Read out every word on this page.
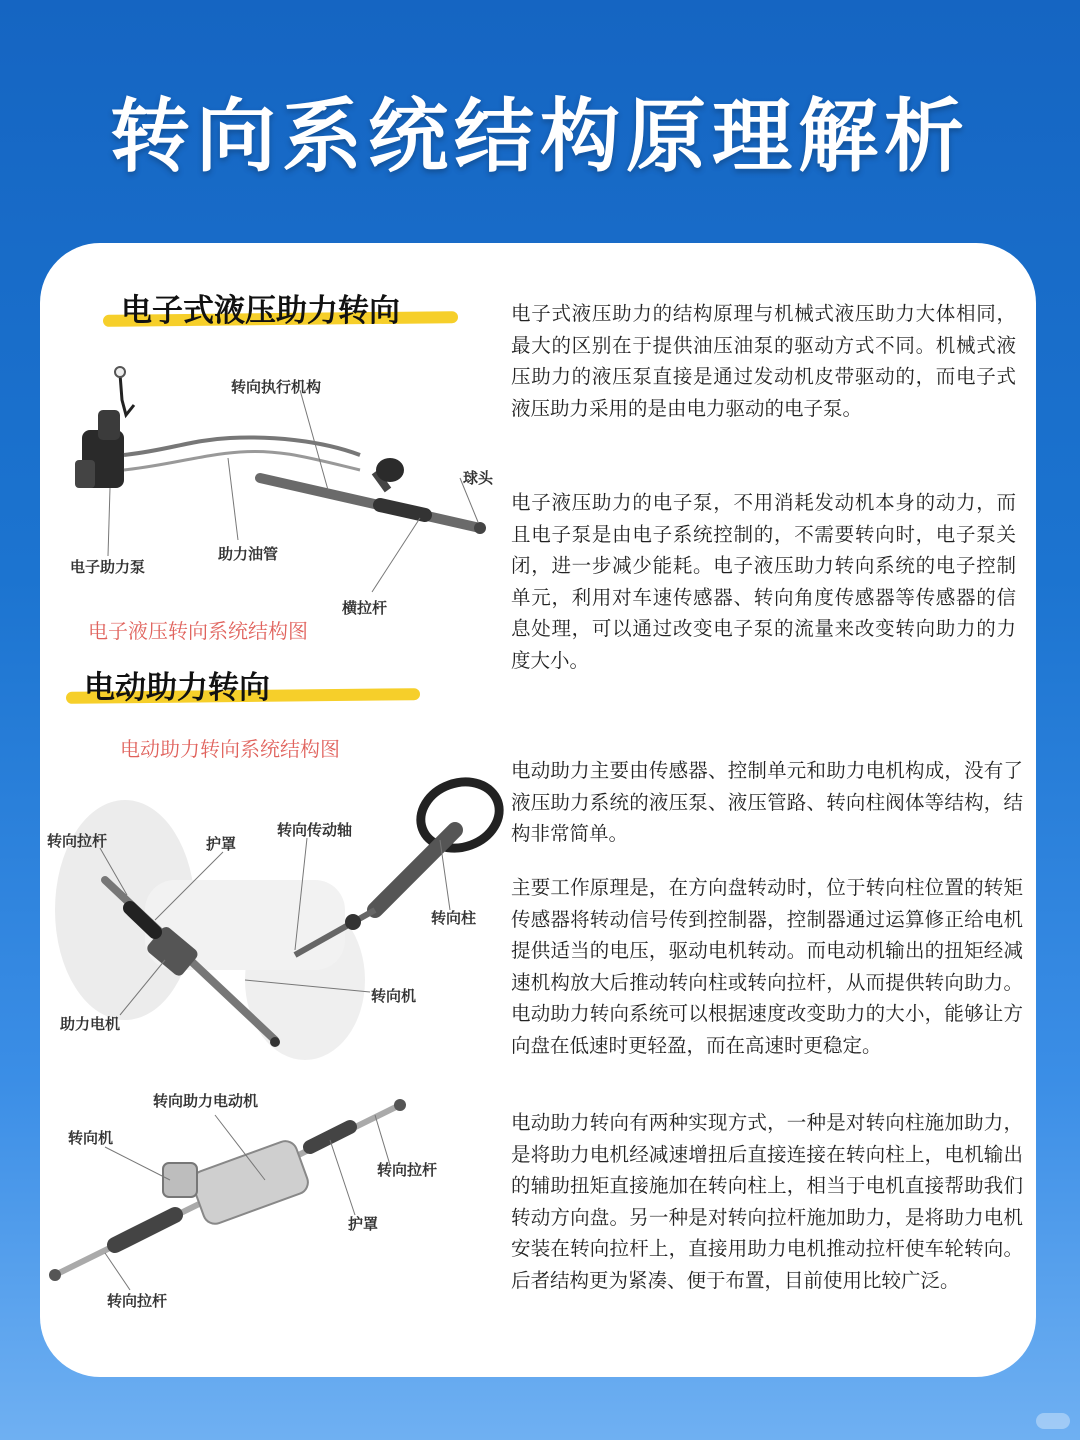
转向系统结构原理解析
电子式液压助力转向
转向执行机构
球头
电子助力泵
助力油管
横拉杆
电子液压转向系统结构图
电子式液压助力的结构原理与机械式液压助力大体相同，最大的区别在于提供油压油泵的驱动方式不同。机械式液压助力的液压泵直接是通过发动机皮带驱动的，而电子式液压助力采用的是由电力驱动的电子泵。
电子液压助力的电子泵，不用消耗发动机本身的动力，而且电子泵是由电子系统控制的，不需要转向时，电子泵关闭，进一步减少能耗。电子液压助力转向系统的电子控制单元，利用对车速传感器、转向角度传感器等传感器的信息处理，可以通过改变电子泵的流量来改变转向助力的力度大小。
电动助力转向
电动助力转向系统结构图
转向拉杆	护罩
转向传动轴
转向柱
转向机
助力电机
转向助力电动机
转向机
转向拉杆
护罩
转向拉杆
电动助力主要由传感器、控制单元和助力电机构成，没有了液压助力系统的液压泵、液压管路、转向柱阀体等结构，结构非常简单。
主要工作原理是，在方向盘转动时，位于转向柱位置的转矩传感器将转动信号传到控制器，控制器通过运算修正给电机提供适当的电压，驱动电机转动。而电动机输出的扭矩经减速机构放大后推动转向柱或转向拉杆，从而提供转向助力。电动助力转向系统可以根据速度改变助力的大小，能够让方向盘在低速时更轻盈，而在高速时更稳定。
电动助力转向有两种实现方式，一种是对转向柱施加助力，是将助力电机经减速增扭后直接连接在转向柱上，电机输出的辅助扭矩直接施加在转向柱上，相当于电机直接帮助我们转动方向盘。另一种是对转向拉杆施加助力，是将助力电机安装在转向拉杆上，直接用助力电机推动拉杆使车轮转向。后者结构更为紧凑、便于布置，目前使用比较广泛。
